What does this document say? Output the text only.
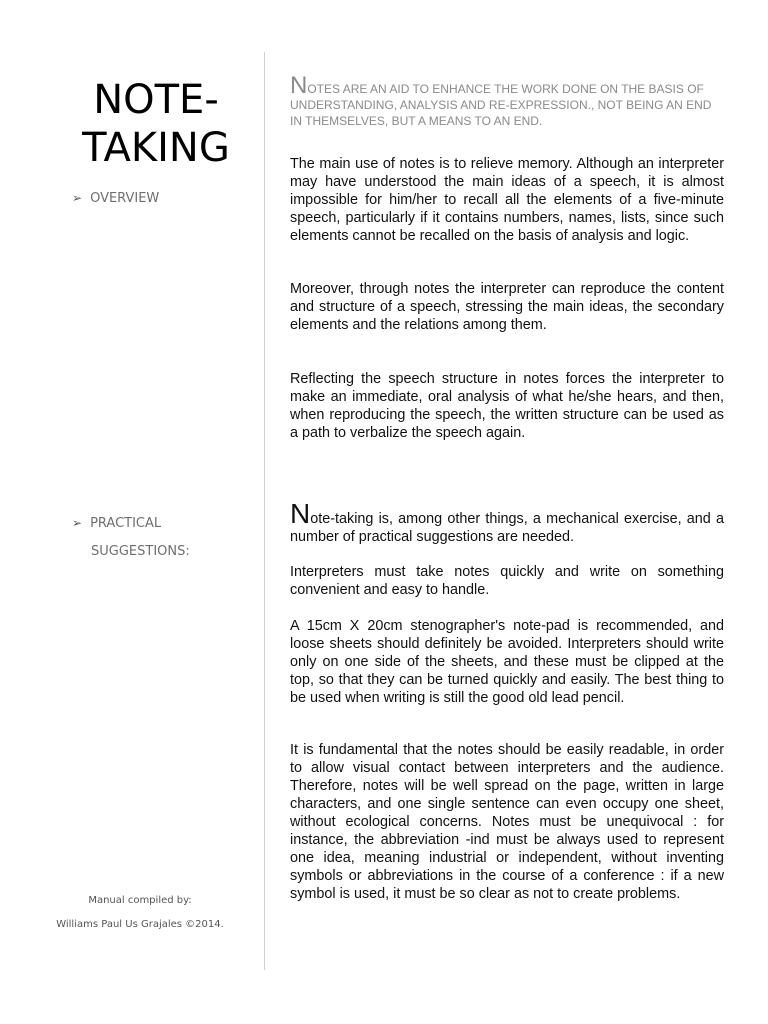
NOTE-
TAKING
➢ OVERVIEW
➢ PRACTICAL
SUGGESTIONS:
Manual compiled by:
Williams Paul Us Grajales ©2014.
NOTES ARE AN AID TO ENHANCE THE WORK DONE ON THE BASIS OF UNDERSTANDING, ANALYSIS AND RE-EXPRESSION., NOT BEING AN END IN THEMSELVES, BUT A MEANS TO AN END.

The main use of notes is to relieve memory. Although an interpreter may have understood the main ideas of a speech, it is almost impossible for him/her to recall all the elements of a five-minute speech, particularly if it contains numbers, names, lists, since such elements cannot be recalled on the basis of analysis and logic.

Moreover, through notes the interpreter can reproduce the content and structure of a speech, stressing the main ideas, the secondary elements and the relations among them.

Reflecting the speech structure in notes forces the interpreter to make an immediate, oral analysis of what he/she hears, and then, when reproducing the speech, the written structure can be used as a path to verbalize the speech again.

Note-taking is, among other things, a mechanical exercise, and a number of practical suggestions are needed.

Interpreters must take notes quickly and write on something convenient and easy to handle.

A 15cm X 20cm stenographer's note-pad is recommended, and loose sheets should definitely be avoided. Interpreters should write only on one side of the sheets, and these must be clipped at the top, so that they can be turned quickly and easily. The best thing to be used when writing is still the good old lead pencil.

It is fundamental that the notes should be easily readable, in order to allow visual contact between interpreters and the audience. Therefore, notes will be well spread on the page, written in large characters, and one single sentence can even occupy one sheet, without ecological concerns. Notes must be unequivocal : for instance, the abbreviation -ind must be always used to represent one idea, meaning industrial or independent, without inventing symbols or abbreviations in the course of a conference : if a new symbol is used, it must be so clear as not to create problems.
